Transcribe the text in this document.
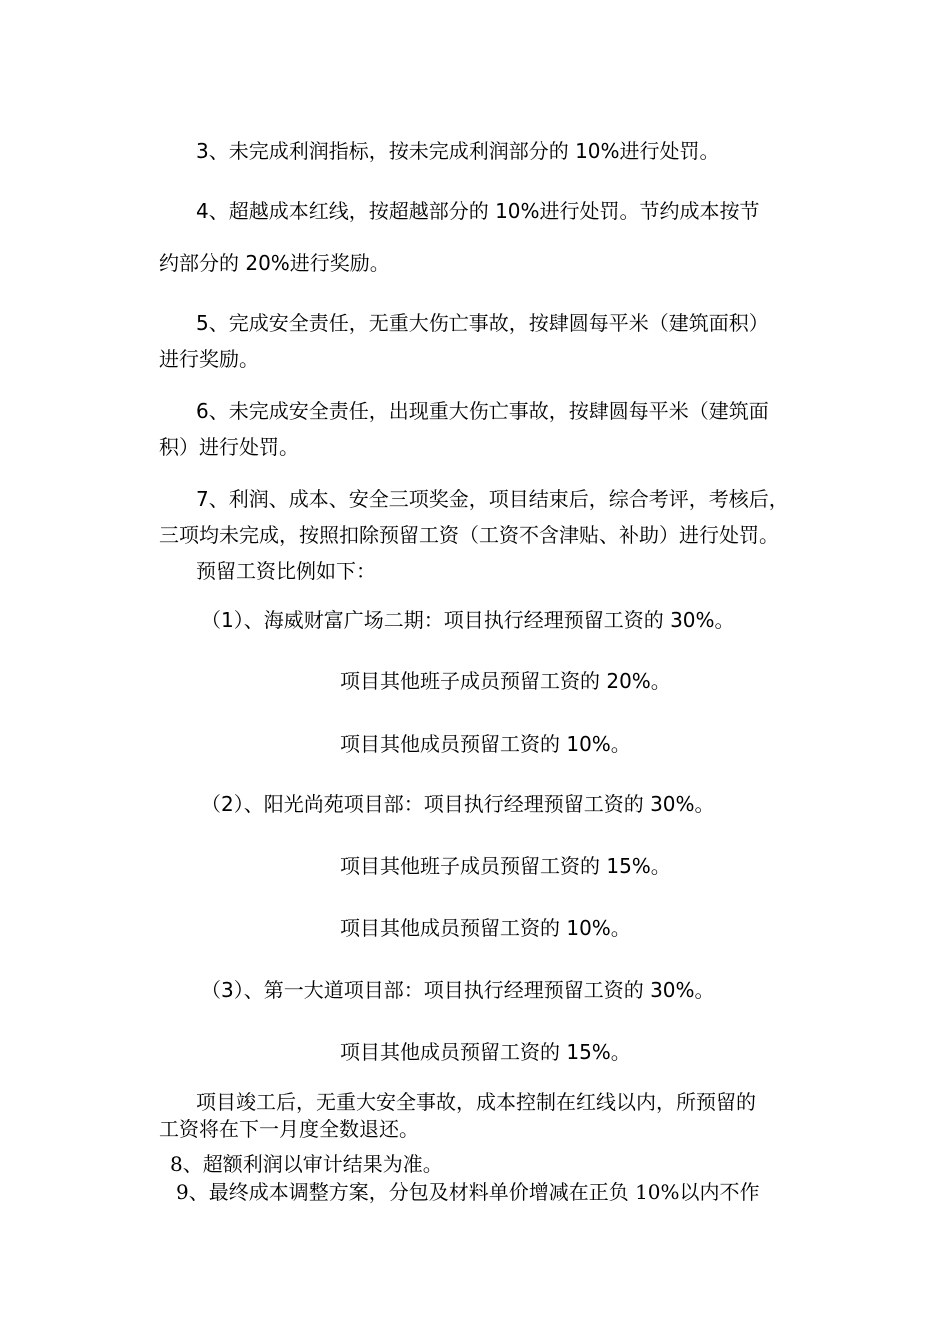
3、未完成利润指标，按未完成利润部分的 10%进行处罚。
4、超越成本红线，按超越部分的 10%进行处罚。节约成本按节
约部分的 20%进行奖励。
5、完成安全责任，无重大伤亡事故，按肆圆每平米（建筑面积）
进行奖励。
6、未完成安全责任，出现重大伤亡事故，按肆圆每平米（建筑面
积）进行处罚。
7、利润、成本、安全三项奖金，项目结束后，综合考评，考核后，
三项均未完成，按照扣除预留工资（工资不含津贴、补助）进行处罚。
预留工资比例如下：
（1）、海威财富广场二期：项目执行经理预留工资的 30%。
项目其他班子成员预留工资的 20%。
项目其他成员预留工资的 10%。
（2）、阳光尚苑项目部：项目执行经理预留工资的 30%。
项目其他班子成员预留工资的 15%。
项目其他成员预留工资的 10%。
（3）、第一大道项目部：项目执行经理预留工资的 30%。
项目其他成员预留工资的 15%。
项目竣工后，无重大安全事故，成本控制在红线以内，所预留的
工资将在下一月度全数退还。
8、超额利润以审计结果为准。
9、最终成本调整方案，分包及材料单价增减在正负 10%以内不作
